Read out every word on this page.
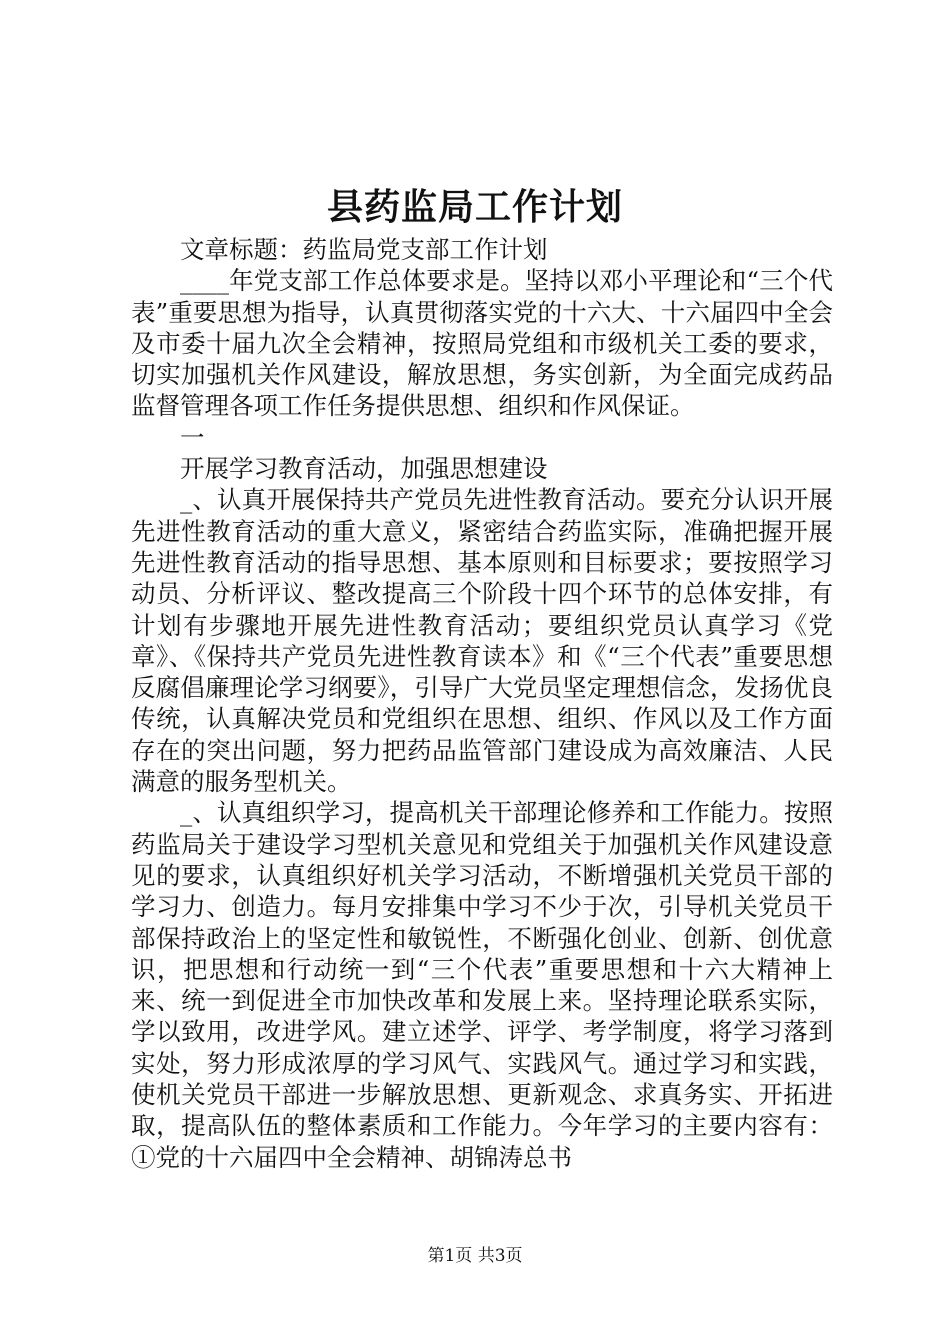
县药监局工作计划

文章标题：药监局党支部工作计划

____年党支部工作总体要求是。坚持以邓小平理论和“三个代表”重要思想为指导，认真贯彻落实党的十六大、十六届四中全会及市委十届九次全会精神，按照局党组和市级机关工委的要求，切实加强机关作风建设，解放思想，务实创新，为全面完成药品监督管理各项工作任务提供思想、组织和作风保证。

一

开展学习教育活动，加强思想建设

_、认真开展保持共产党员先进性教育活动。要充分认识开展先进性教育活动的重大意义，紧密结合药监实际，准确把握开展先进性教育活动的指导思想、基本原则和目标要求；要按照学习动员、分析评议、整改提高三个阶段十四个环节的总体安排，有计划有步骤地开展先进性教育活动；要组织党员认真学习《党章》、《保持共产党员先进性教育读本》和《“三个代表”重要思想反腐倡廉理论学习纲要》，引导广大党员坚定理想信念，发扬优良传统，认真解决党员和党组织在思想、组织、作风以及工作方面存在的突出问题，努力把药品监管部门建设成为高效廉洁、人民满意的服务型机关。

_、认真组织学习，提高机关干部理论修养和工作能力。按照药监局关于建设学习型机关意见和党组关于加强机关作风建设意见的要求，认真组织好机关学习活动，不断增强机关党员干部的学习力、创造力。每月安排集中学习不少于次，引导机关党员干部保持政治上的坚定性和敏锐性，不断强化创业、创新、创优意识，把思想和行动统一到“三个代表”重要思想和十六大精神上来、统一到促进全市加快改革和发展上来。坚持理论联系实际，学以致用，改进学风。建立述学、评学、考学制度，将学习落到实处，努力形成浓厚的学习风气、实践风气。通过学习和实践，使机关党员干部进一步解放思想、更新观念、求真务实、开拓进取，提高队伍的整体素质和工作能力。今年学习的主要内容有：①党的十六届四中全会精神、胡锦涛总书

第1页 共3页
